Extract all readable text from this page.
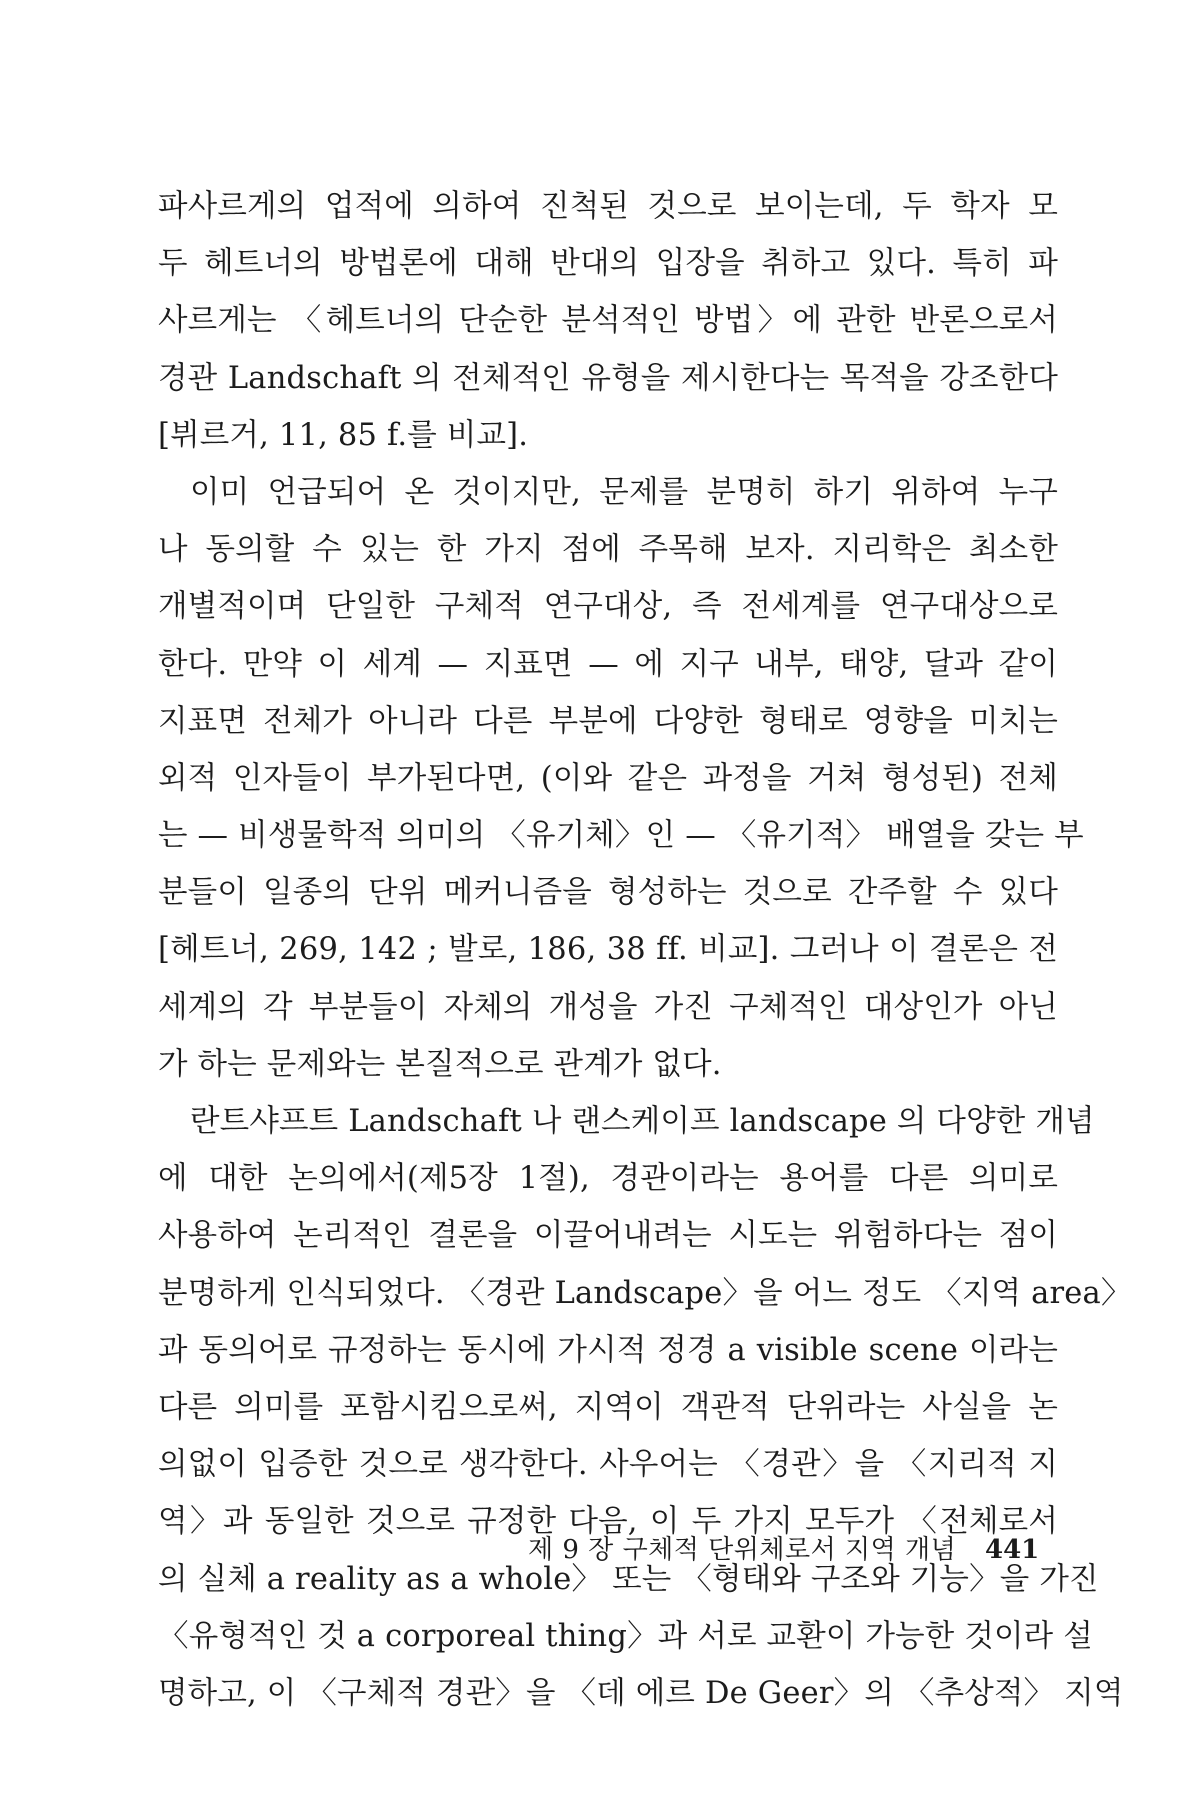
파사르게의 업적에 의하여 진척된 것으로 보이는데, 두 학자 모
두 헤트너의 방법론에 대해 반대의 입장을 취하고 있다. 특히 파
사르게는 〈헤트너의 단순한 분석적인 방법〉에 관한 반론으로서
경관 Landschaft 의 전체적인 유형을 제시한다는 목적을 강조한다
[뷔르거, 11, 85 f.를 비교].
이미 언급되어 온 것이지만, 문제를 분명히 하기 위하여 누구
나 동의할 수 있는 한 가지 점에 주목해 보자. 지리학은 최소한
개별적이며 단일한 구체적 연구대상, 즉 전세계를 연구대상으로
한다. 만약 이 세계 — 지표면 — 에 지구 내부, 태양, 달과 같이
지표면 전체가 아니라 다른 부분에 다양한 형태로 영향을 미치는
외적 인자들이 부가된다면, (이와 같은 과정을 거쳐 형성된) 전체
는 — 비생물학적 의미의 〈유기체〉인 — 〈유기적〉 배열을 갖는 부
분들이 일종의 단위 메커니즘을 형성하는 것으로 간주할 수 있다
[헤트너, 269, 142 ; 발로, 186, 38 ff. 비교]. 그러나 이 결론은 전
세계의 각 부분들이 자체의 개성을 가진 구체적인 대상인가 아닌
가 하는 문제와는 본질적으로 관계가 없다.
란트샤프트 Landschaft 나 랜스케이프 landscape 의 다양한 개념
에 대한 논의에서(제5장 1절), 경관이라는 용어를 다른 의미로
사용하여 논리적인 결론을 이끌어내려는 시도는 위험하다는 점이
분명하게 인식되었다. 〈경관 Landscape〉을 어느 정도 〈지역 area〉
과 동의어로 규정하는 동시에 가시적 정경 a visible scene 이라는
다른 의미를 포함시킴으로써, 지역이 객관적 단위라는 사실을 논
의없이 입증한 것으로 생각한다. 사우어는 〈경관〉을 〈지리적 지
역〉과 동일한 것으로 규정한 다음, 이 두 가지 모두가 〈전체로서
의 실체 a reality as a whole〉 또는 〈형태와 구조와 기능〉을 가진
〈유형적인 것 a corporeal thing〉과 서로 교환이 가능한 것이라 설
명하고, 이 〈구체적 경관〉을 〈데 에르 De Geer〉의 〈추상적〉 지역
제 9 장 구체적 단위체로서 지역 개념 441
